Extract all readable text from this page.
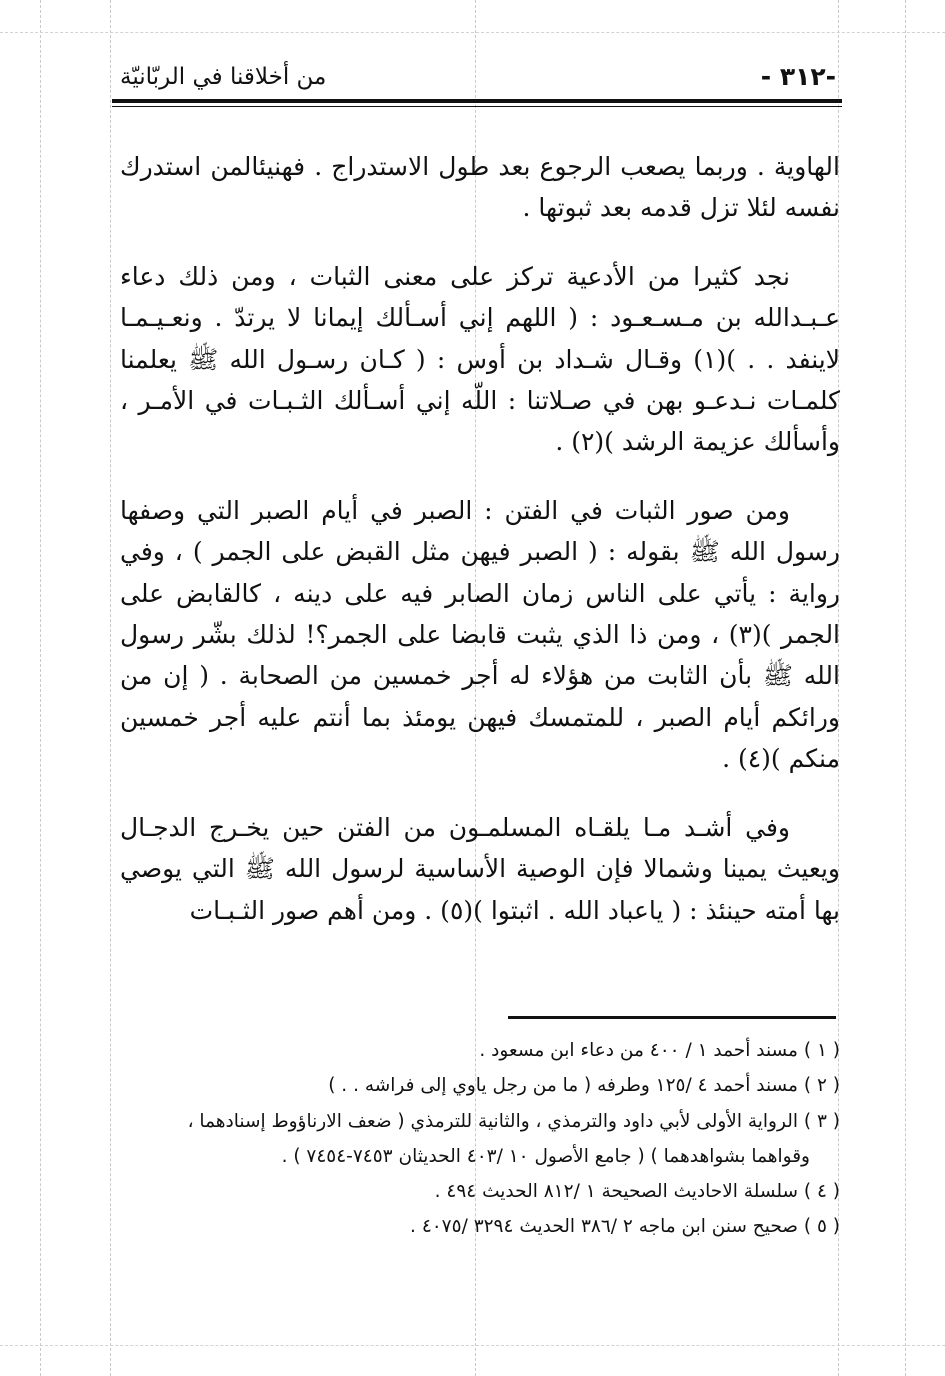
من أخلاقنا في الربّانيّة	-٣١٢ -

الهاوية . وربما يصعب الرجوع بعد طول الاستدراج . فهنيئالمن استدرك نفسه لئلا تزل قدمه بعد ثبوتها .

نجد كثيرا من الأدعية تركز على معنى الثبات ، ومن ذلك دعاء عـبـدالله بن مـسـعـود : ( اللهم إني أسـألك إيمانا لا يرتدّ . ونعـيـمـا لاينفد . . )(١) وقـال شـداد بن أوس : ( كـان رسـول الله ﷺ يعلمنا كلمـات نـدعـو بهن في صـلاتنا : اللّه إني أسـألك الثـبـات في الأمـر ، وأسألك عزيمة الرشد )(٢) .

ومن صور الثبات في الفتن : الصبر في أيام الصبر التي وصفها رسول الله ﷺ بقوله : ( الصبر فيهن مثل القبض على الجمر ) ، وفي رواية : يأتي على الناس زمان الصابر فيه على دينه ، كالقابض على الجمر )(٣) ، ومن ذا الذي يثبت قابضا على الجمر؟! لذلك بشّر رسول الله ﷺ بأن الثابت من هؤلاء له أجر خمسين من الصحابة . ( إن من ورائكم أيام الصبر ، للمتمسك فيهن يومئذ بما أنتم عليه أجر خمسين منكم )(٤) .

وفي أشـد مـا يلقـاه المسلمـون من الفتن حين يخـرج الدجـال ويعيث يمينا وشمالا فإن الوصية الأساسية لرسول الله ﷺ التي يوصي بها أمته حينئذ : ( ياعباد الله . اثبتوا )(٥) . ومن أهم صور الثـبـات

( ١ ) مسند أحمد ١ / ٤٠٠ من دعاء ابن مسعود .

( ٢ ) مسند أحمد ٤ /١٢٥ وطرفه ( ما من رجل ياوي إلى فراشه . . )

( ٣ ) الرواية الأولى لأبي داود والترمذي ، والثانية للترمذي ( ضعف الارناؤوط إسنادهما ،

وقواهما بشواهدهما ) ( جامع الأصول ١٠ /٤٠٣ الحديثان ٧٤٥٣-٧٤٥٤ ) .

( ٤ ) سلسلة الاحاديث الصحيحة ١ /٨١٢ الحديث ٤٩٤ .

( ٥ ) صحيح سنن ابن ماجه ٢ /٣٨٦ الحديث ٣٢٩٤ /٤٠٧٥ .
